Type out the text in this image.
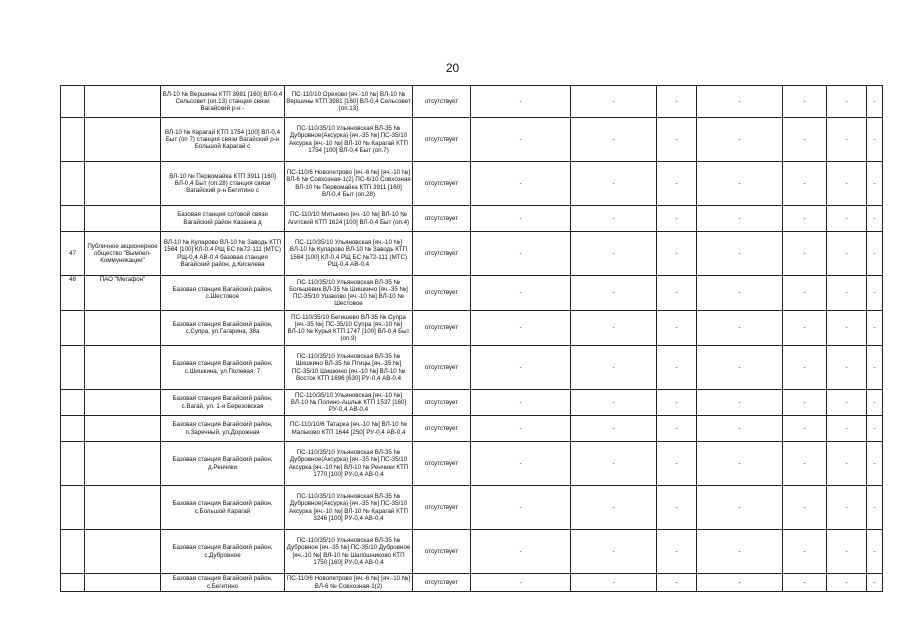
20
		ВЛ-10 № Вершины КТП 3981 [160] ВЛ-0,4 Сельсовет (оп.13) станция связи Вагайский р-н -	ПС-110/10 Орехово [яч.-10 №] ВЛ-10 № Вершины КТП 3981 [160] ВЛ-0,4 Сельсовет (оп.13)	отсутствует	-	-	-	-	-	-	-
		ВЛ-10 № Карагай КТП 1754 [100] ВЛ-0,4 Быт (оп 7) станция связи Вагайский р-н Большой Карагай с	ПС-110/35/10 Ульяновская ВЛ-35 № Дубровное(Аксурка) [яч.-35 №] ПС-35/10 Аксурка [яч.-10 №] ВЛ-10 № Карагай КТП 1754 [100] ВЛ-0,4 Быт (оп.7)	отсутствует	-	-	-	-	-	-	-
		ВЛ-10 № Первомайка КТП 3911 [160] ВЛ-0,4 Быт (оп.28) станция связи Вагайский р-н Бегитино с	ПС-110/6 Новопетрово [яч.-6 №] [яч.-10 №] ВЛ-6 № Совхозная-1(2) ПС-6/10 Совхозная ВЛ-10 № Первомайка КТП 3911 [160] ВЛ-0,4 Быт (оп.28)	отсутствует	-	-	-	-	-	-	-
		Базовая станция сотовой связи Вагайский район Казанка д	ПС-110/10 Митькино [яч.-10 №] ВЛ-10 № Агитский КТП 1624 [100] ВЛ-0,4 Быт (оп.4)	отсутствует	-	-	-	-	-	-	-
47	Публичное акционерное общество "Вымпел-Коммуникации"	ВЛ-10 № Куларово ВЛ-10 № Заводь КТП 1564 [100] КЛ-0,4 РЩ БС №72-111 (МТС) РЩ-0,4 АВ-0,4 базовая станция Вагайский район, д.Киселева	ПС-110/35/10 Ульяновская [яч.-10 №] ВЛ-10 № Куларово ВЛ-10 № Заводь КТП 1564 [100] КЛ-0,4 РЩ БС №72-111 (МТС) РЩ-0,4 АВ-0,4	отсутствует	-	-	-	-	-	-	-
48	ПАО "Мегафон"	Базовая станция Вагайский район, с.Шестовое	ПС-110/35/10 Ульяновская ВЛ-35 № Большевик ВЛ-35 № Шишкино [яч.-35 №] ПС-35/10 Ушаково [яч.-10 №] ВЛ-10 № Шестовое	отсутствует	-	-	-	-	-	-	-
		Базовая станция Вагайский район, с.Супра, ул.Гагарина, 38а	ПС-110/35/10 Бегишево ВЛ-35 № Супра [яч.-35 №] ПС-35/10 Супра [яч.-10 №] ВЛ-10 № Курья КТП 1747 [100] ВЛ-0,4 Быт (оп.9)	отсутствует	-	-	-	-	-	-	-
		Базовая станция Вагайский район, с.Шишкина, ул.Полевая, 7	ПС-110/35/10 Ульяновская ВЛ-35 № Шишкино ВЛ-35 № Птицы [яч.-35 №] ПС-35/10 Шишкино [яч.-10 №] ВЛ-10 № Восток КТП 1696 [630] РУ-0,4 АВ-0,4	отсутствует	-	-	-	-	-	-	-
		Базовая станция Вагайский район, с.Вагай, ул. 1-я Березовская	ПС-110/35/10 Ульяновская [яч.-10 №] ВЛ-10 № Полино-Ашлык КТП 1537 [160] РУ-0,4 АВ-0,4	отсутствует	-	-	-	-	-	-	-
		Базовая станция Вагайский район, п.Заречный, ул.Дорожная	ПС-110/10/6 Татарка [яч.-10 №] ВЛ-10 № Мальково КТП 1644 [250] РУ-0,4 АВ-0,4	отсутствует	-	-	-	-	-	-	-
		Базовая станция Вагайский район, д.Ренчики	ПС-110/35/10 Ульяновская ВЛ-35 № Дубровное(Аксурка) [яч.-35 №] ПС-35/10 Аксурка [яч.-10 №] ВЛ-10 № Ренчики КТП 1770 [100] РУ-0,4 АВ-0,4	отсутствует	-	-	-	-	-	-	-
		Базовая станция Вагайский район, с.Большой Карагай	ПС-110/35/10 Ульяновская ВЛ-35 № Дубровное(Аксурка) [яч.-35 №] ПС-35/10 Аксурка [яч.-10 №] ВЛ-10 № Карагай КТП 3246 [100] РУ-0,4 АВ-0,4	отсутствует	-	-	-	-	-	-	-
		Базовая станция Вагайский район, с.Дубровное	ПС-110/35/10 Ульяновская ВЛ-35 № Дубровное [яч.-35 №] ПС-35/10 Дубровное [яч.-10 №] ВЛ-10 № Шапошниково КТП 1750 [160] РУ-0,4 АВ-0,4	отсутствует	-	-	-	-	-	-	-
		Базовая станция Вагайский район, с.Бегитино	ПС-110/6 Новопетрово [яч.-6 №] [яч.-10 №] ВЛ-6 № Совхозная-1(2)	отсутствует	-	-	-	-	-	-	-
